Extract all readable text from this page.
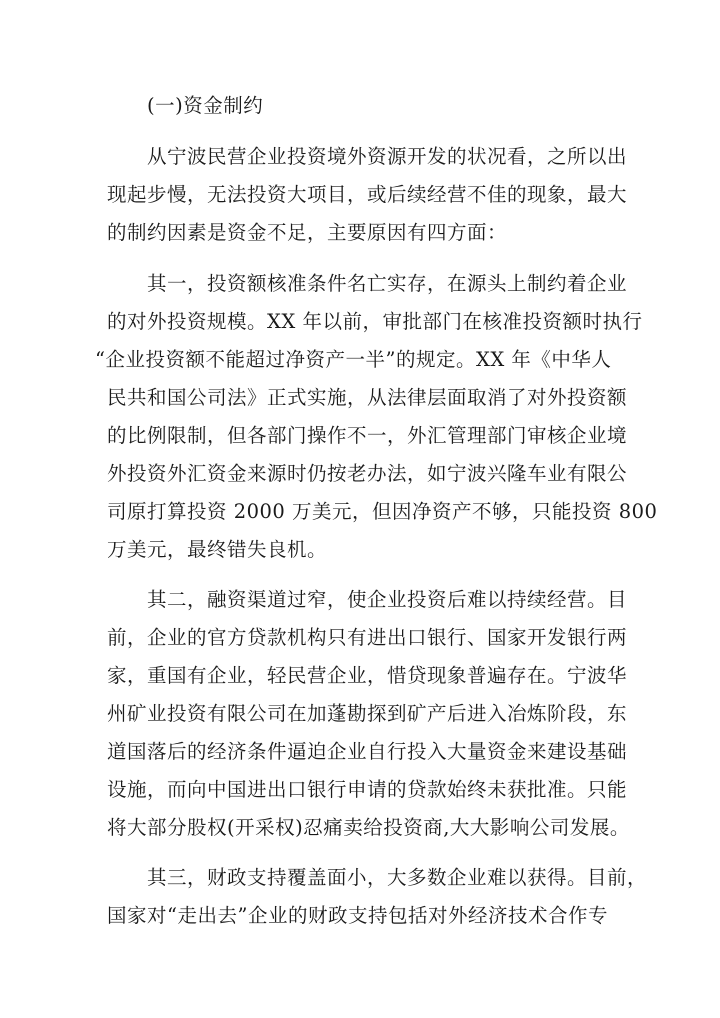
(一)资金制约
从宁波民营企业投资境外资源开发的状况看，之所以出
现起步慢，无法投资大项目，或后续经营不佳的现象，最大
的制约因素是资金不足，主要原因有四方面：
其一，投资额核准条件名亡实存，在源头上制约着企业
的对外投资规模。XX 年以前，审批部门在核准投资额时执行
“企业投资额不能超过净资产一半”的规定。XX 年《中华人
民共和国公司法》正式实施，从法律层面取消了对外投资额
的比例限制，但各部门操作不一，外汇管理部门审核企业境
外投资外汇资金来源时仍按老办法，如宁波兴隆车业有限公
司原打算投资 2000 万美元，但因净资产不够，只能投资 800
万美元，最终错失良机。
其二，融资渠道过窄，使企业投资后难以持续经营。目
前，企业的官方贷款机构只有进出口银行、国家开发银行两
家，重国有企业，轻民营企业，惜贷现象普遍存在。宁波华
州矿业投资有限公司在加蓬勘探到矿产后进入冶炼阶段，东
道国落后的经济条件逼迫企业自行投入大量资金来建设基础
设施，而向中国进出口银行申请的贷款始终未获批准。只能
将大部分股权(开采权)忍痛卖给投资商,大大影响公司发展。
其三，财政支持覆盖面小，大多数企业难以获得。目前，
国家对“走出去”企业的财政支持包括对外经济技术合作专
